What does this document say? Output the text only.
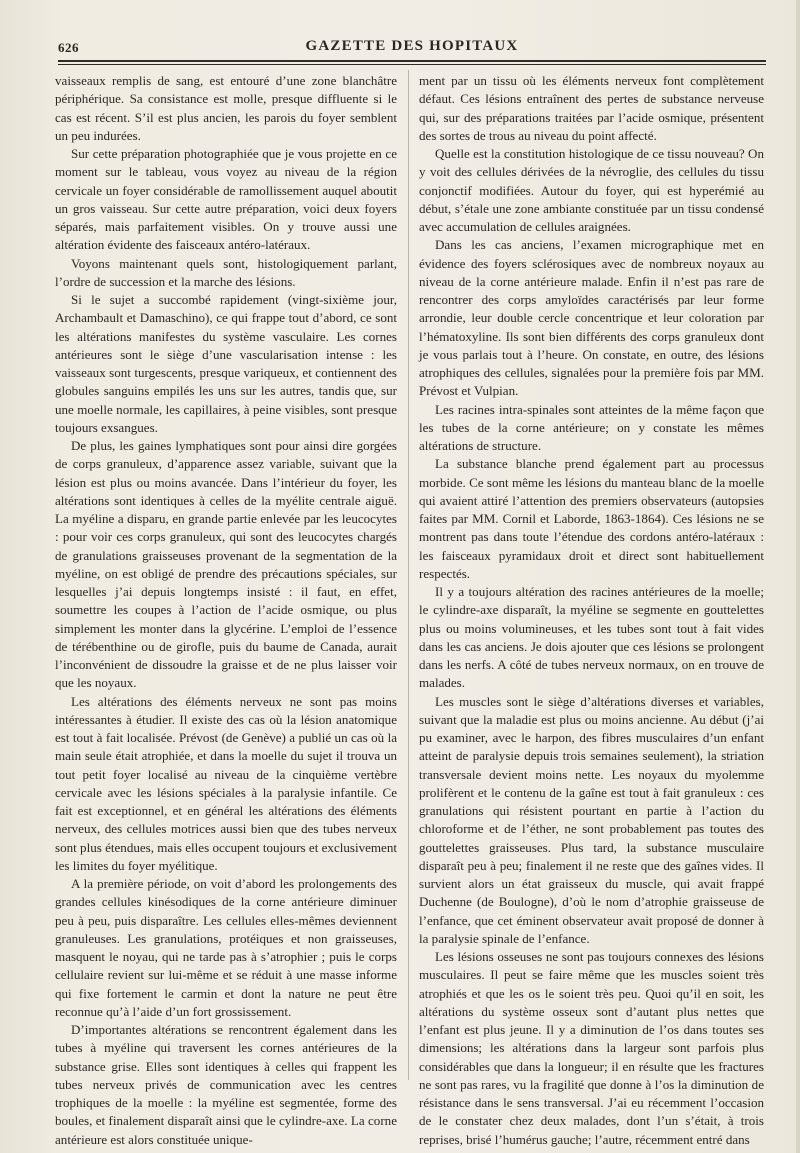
626	GAZETTE DES HOPITAUX

vaisseaux remplis de sang, est entouré d’une zone blanchâtre périphérique. Sa consistance est molle, presque diffluente si le cas est récent. S’il est plus ancien, les parois du foyer semblent un peu indurées.

Sur cette préparation photographiée que je vous projette en ce moment sur le tableau, vous voyez au niveau de la région cervicale un foyer considérable de ramollissement auquel aboutit un gros vaisseau. Sur cette autre préparation, voici deux foyers séparés, mais parfaitement visibles. On y trouve aussi une altération évidente des faisceaux antéro-latéraux.

Voyons maintenant quels sont, histologiquement parlant, l’ordre de succession et la marche des lésions.

Si le sujet a succombé rapidement (vingt-sixième jour, Archambault et Damaschino), ce qui frappe tout d’abord, ce sont les altérations manifestes du système vasculaire. Les cornes antérieures sont le siège d’une vascularisation intense : les vaisseaux sont turgescents, presque variqueux, et contiennent des globules sanguins empilés les uns sur les autres, tandis que, sur une moelle normale, les capillaires, à peine visibles, sont presque toujours exsangues.

De plus, les gaines lymphatiques sont pour ainsi dire gorgées de corps granuleux, d’apparence assez variable, suivant que la lésion est plus ou moins avancée. Dans l’intérieur du foyer, les altérations sont identiques à celles de la myélite centrale aiguë. La myéline a disparu, en grande partie enlevée par les leucocytes : pour voir ces corps granuleux, qui sont des leucocytes chargés de granulations graisseuses provenant de la segmentation de la myéline, on est obligé de prendre des précautions spéciales, sur lesquelles j’ai depuis longtemps insisté : il faut, en effet, soumettre les coupes à l’action de l’acide osmique, ou plus simplement les monter dans la glycérine. L’emploi de l’essence de térébenthine ou de girofle, puis du baume de Canada, aurait l’inconvénient de dissoudre la graisse et de ne plus laisser voir que les noyaux.

Les altérations des éléments nerveux ne sont pas moins intéressantes à étudier. Il existe des cas où la lésion anatomique est tout à fait localisée. Prévost (de Genève) a publié un cas où la main seule était atrophiée, et dans la moelle du sujet il trouva un tout petit foyer localisé au niveau de la cinquième vertèbre cervicale avec les lésions spéciales à la paralysie infantile. Ce fait est exceptionnel, et en général les altérations des éléments nerveux, des cellules motrices aussi bien que des tubes nerveux sont plus étendues, mais elles occupent toujours et exclusivement les limites du foyer myélitique.

A la première période, on voit d’abord les prolongements des grandes cellules kinésodiques de la corne antérieure diminuer peu à peu, puis disparaître. Les cellules elles-mêmes deviennent granuleuses. Les granulations, protéiques et non graisseuses, masquent le noyau, qui ne tarde pas à s’atrophier ; puis le corps cellulaire revient sur lui-même et se réduit à une masse informe qui fixe fortement le carmin et dont la nature ne peut être reconnue qu’à l’aide d’un fort grossissement.

D’importantes altérations se rencontrent également dans les tubes à myéline qui traversent les cornes antérieures de la substance grise. Elles sont identiques à celles qui frappent les tubes nerveux privés de communication avec les centres trophiques de la moelle : la myéline est segmentée, forme des boules, et finalement disparaît ainsi que le cylindre-axe. La corne antérieure est alors constituée unique-

ment par un tissu où les éléments nerveux font complètement défaut. Ces lésions entraînent des pertes de substance nerveuse qui, sur des préparations traitées par l’acide osmique, présentent des sortes de trous au niveau du point affecté.

Quelle est la constitution histologique de ce tissu nouveau? On y voit des cellules dérivées de la névroglie, des cellules du tissu conjonctif modifiées. Autour du foyer, qui est hyperémié au début, s’étale une zone ambiante constituée par un tissu condensé avec accumulation de cellules araignées.

Dans les cas anciens, l’examen micrographique met en évidence des foyers sclérosiques avec de nombreux noyaux au niveau de la corne antérieure malade. Enfin il n’est pas rare de rencontrer des corps amyloïdes caractérisés par leur forme arrondie, leur double cercle concentrique et leur coloration par l’hématoxyline. Ils sont bien différents des corps granuleux dont je vous parlais tout à l’heure. On constate, en outre, des lésions atrophiques des cellules, signalées pour la première fois par MM. Prévost et Vulpian.

Les racines intra-spinales sont atteintes de la même façon que les tubes de la corne antérieure; on y constate les mêmes altérations de structure.

La substance blanche prend également part au processus morbide. Ce sont même les lésions du manteau blanc de la moelle qui avaient attiré l’attention des premiers observateurs (autopsies faites par MM. Cornil et Laborde, 1863-1864). Ces lésions ne se montrent pas dans toute l’étendue des cordons antéro-latéraux : les faisceaux pyramidaux droit et direct sont habituellement respectés.

Il y a toujours altération des racines antérieures de la moelle; le cylindre-axe disparaît, la myéline se segmente en gouttelettes plus ou moins volumineuses, et les tubes sont tout à fait vides dans les cas anciens. Je dois ajouter que ces lésions se prolongent dans les nerfs. A côté de tubes nerveux normaux, on en trouve de malades.

Les muscles sont le siège d’altérations diverses et variables, suivant que la maladie est plus ou moins ancienne. Au début (j’ai pu examiner, avec le harpon, des fibres musculaires d’un enfant atteint de paralysie depuis trois semaines seulement), la striation transversale devient moins nette. Les noyaux du myolemme prolifèrent et le contenu de la gaîne est tout à fait granuleux : ces granulations qui résistent pourtant en partie à l’action du chloroforme et de l’éther, ne sont probablement pas toutes des gouttelettes graisseuses. Plus tard, la substance musculaire disparaît peu à peu; finalement il ne reste que des gaînes vides. Il survient alors un état graisseux du muscle, qui avait frappé Duchenne (de Boulogne), d’où le nom d’atrophie graisseuse de l’enfance, que cet éminent observateur avait proposé de donner à la paralysie spinale de l’enfance.

Les lésions osseuses ne sont pas toujours connexes des lésions musculaires. Il peut se faire même que les muscles soient très atrophiés et que les os le soient très peu. Quoi qu’il en soit, les altérations du système osseux sont d’autant plus nettes que l’enfant est plus jeune. Il y a diminution de l’os dans toutes ses dimensions; les altérations dans la largeur sont parfois plus considérables que dans la longueur; il en résulte que les fractures ne sont pas rares, vu la fragilité que donne à l’os la diminution de résistance dans le sens transversal. J’ai eu récemment l’occasion de le constater chez deux malades, dont l’un s’était, à trois reprises, brisé l’humérus gauche; l’autre, récemment entré dans
